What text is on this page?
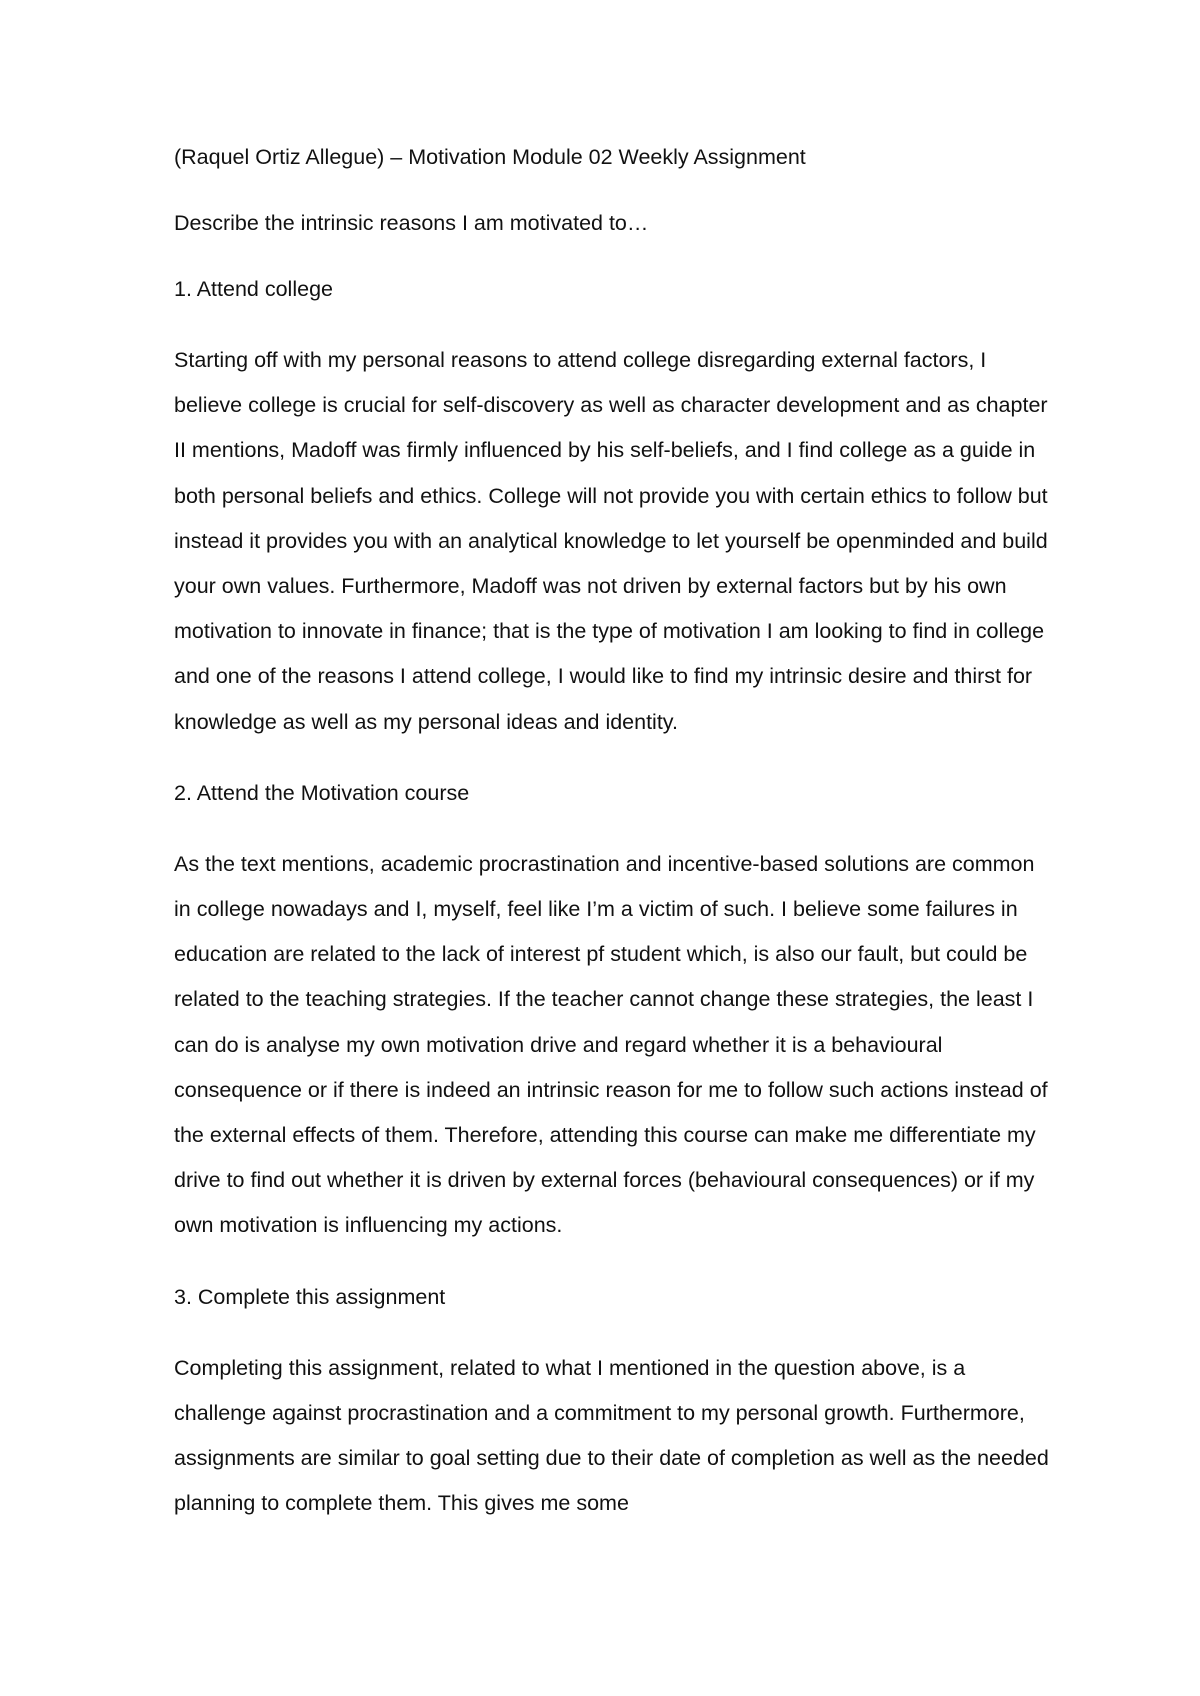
(Raquel Ortiz Allegue) – Motivation Module 02 Weekly Assignment

Describe the intrinsic reasons I am motivated to…

1. Attend college

Starting off with my personal reasons to attend college disregarding external factors, I believe college is crucial for self-discovery as well as character development and as chapter II mentions, Madoff was firmly influenced by his self-beliefs, and I find college as a guide in both personal beliefs and ethics. College will not provide you with certain ethics to follow but instead it provides you with an analytical knowledge to let yourself be openminded and build your own values. Furthermore, Madoff was not driven by external factors but by his own motivation to innovate in finance; that is the type of motivation I am looking to find in college and one of the reasons I attend college, I would like to find my intrinsic desire and thirst for knowledge as well as my personal ideas and identity.

2. Attend the Motivation course

As the text mentions, academic procrastination and incentive-based solutions are common in college nowadays and I, myself, feel like I’m a victim of such. I believe some failures in education are related to the lack of interest pf student which, is also our fault, but could be related to the teaching strategies. If the teacher cannot change these strategies, the least I can do is analyse my own motivation drive and regard whether it is a behavioural consequence or if there is indeed an intrinsic reason for me to follow such actions instead of the external effects of them. Therefore, attending this course can make me differentiate my drive to find out whether it is driven by external forces (behavioural consequences) or if my own motivation is influencing my actions.

3. Complete this assignment

Completing this assignment, related to what I mentioned in the question above, is a challenge against procrastination and a commitment to my personal growth. Furthermore, assignments are similar to goal setting due to their date of completion as well as the needed planning to complete them. This gives me some
